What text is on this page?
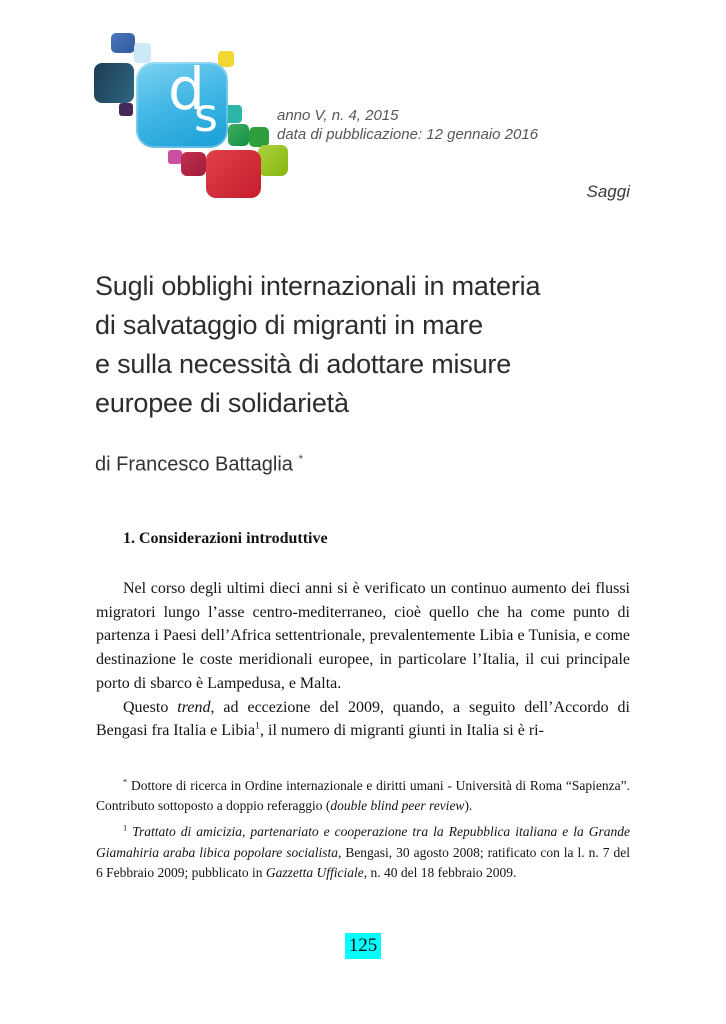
d
s	anno V, n. 4, 2015
data di pubblicazione: 12 gennaio 2016
Saggi
Sugli obblighi internazionali in materia
di salvataggio di migranti in mare
e sulla necessità di adottare misure
europee di solidarietà
di Francesco Battaglia *
1. Considerazioni introduttive

Nel corso degli ultimi dieci anni si è verificato un continuo aumento dei flussi migratori lungo l’asse centro-mediterraneo, cioè quello che ha come punto di partenza i Paesi dell’Africa settentrionale, prevalentemente Libia e Tunisia, e come destinazione le coste meridionali europee, in particolare l’Italia, il cui principale porto di sbarco è Lampedusa, e Malta.

Questo trend, ad eccezione del 2009, quando, a seguito dell’Accordo di Bengasi fra Italia e Libia$^1$, il numero di migranti giunti in Italia si è ri-

* Dottore di ricerca in Ordine internazionale e diritti umani - Università di Roma “Sapienza”. Contributo sottoposto a doppio referaggio (double blind peer review).

$^1$ Trattato di amicizia, partenariato e cooperazione tra la Repubblica italiana e la Grande Giamahiria araba libica popolare socialista, Bengasi, 30 agosto 2008; ratificato con la l. n. 7 del 6 Febbraio 2009; pubblicato in Gazzetta Ufficiale, n. 40 del 18 febbraio 2009.

125
